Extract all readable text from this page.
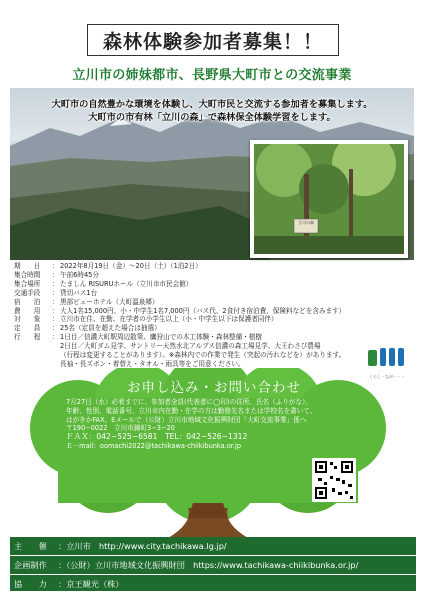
森林体験参加者募集！！
立川市の姉妹都市、長野県大町市との交流事業
大町市の自然豊かな環境を体験し、大町市民と交流する参加者を募集します。
大町市の市有林「立川の森」で森林保全体験学習をします。
立川の森
期　　日	： 2022年8月19日（金）〜20日（土）（1泊2日）
集合時間	： 午前6時45分
集合場所	： たましん RISURUホール（立川市市民会館）
交通手段	： 貸切バス1台
宿　　泊	： 黒部ビューホテル（大町温泉郷）
費　　用	： 大人1名15,000円、小・中学生1名7,000円（バス代、2食付き宿泊費、保険料などを含みます）
対　　象	： 立川市在住、在勤、在学者の小学生以上（小・中学生以下は保護者同伴）
定　　員	： 25名（定員を超えた場合は抽選）
行　　程	： 1日目／信濃大町駅周辺散策、鷹狩山での木工体験・森林整備・植樹
2日目／大町ダム見学、サントリー天然水北アルプス信濃の森工場見学、大王わさび農場
（行程は変更することがあります）。※森林内での作業で発生（突起の汚れなどを）があります。
長袖・長ズボン・着替え・タオル・雨具等をご用意ください。
くらし・なが・・・
お申し込み・お問い合わせ
7月27日（水）必着までに、参加者全員(代表者に◯印)の住所、氏名（ふりがな）、
年齢、性別、電話番号、立川市内在勤・在学の方は勤務先名または学校名を書いて、
はがきかFAX、Eメールで（公財）立川市地域文化振興財団「大町交流事業」係へ
〒190−0022　立川市錦町3−3−20
ＦＡＸ：042−525−6581　TEL：042−526−1312
Ｅ－mail：oomachi2022@tachikawa-chiikibunka.or.jp
主　　催	：立川市　http://www.city.tachikawa.lg.jp/
企画制作	：（公財）立川市地域文化振興財団　https://www.tachikawa-chiikibunka.or.jp/
協　　力	：京王観光（株）
